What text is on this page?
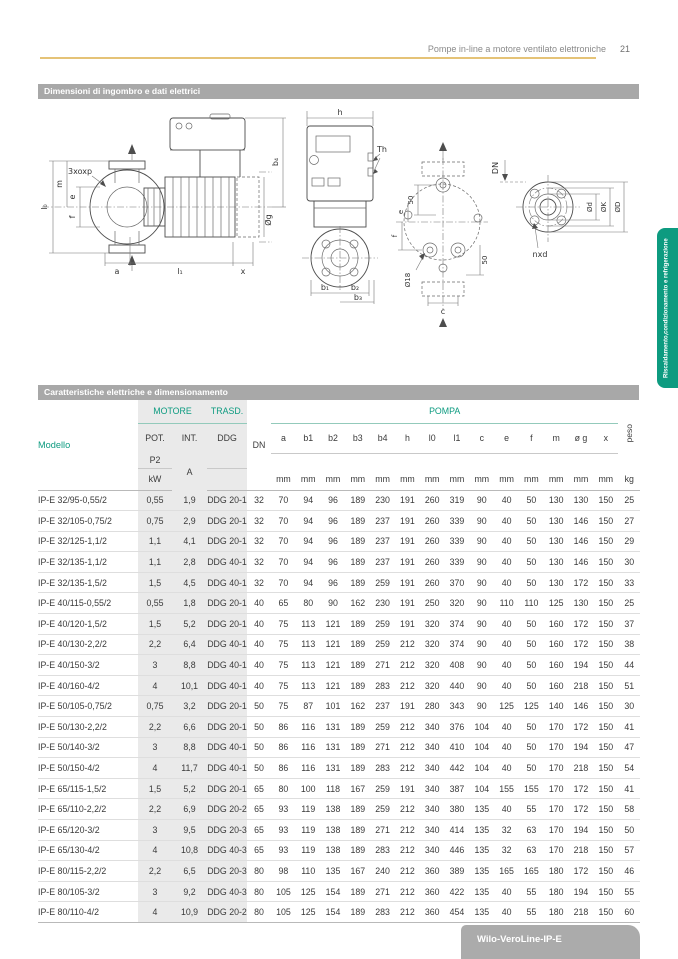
Pompe in-line a motore ventilato elettroniche	21
Dimensioni di ingombro e dati elettrici
l₀
m
e
f
3xoxp
a	l₁	x
b₄
Øg
h
Th
b₁	b₂
b₃
50
e
f
Ø18
50
c
DN
Ød ØK ØD
nxd
Caratteristiche elettriche e dimensionamento
Modello	MOTORE		TRASD.	DN	POMPA														peso
	POT.	INT.	DDG		a	b1	b2	b3	b4	h	l0	l1	c	e	f	m	ø g	x	
	P2	A																	
	kW				mm	mm	mm	mm	mm	mm	mm	mm	mm	mm	mm	mm	mm	mm	kg
IP-E 32/95-0,55/2	0,55	1,9	DDG 20-1	32	70	94	96	189	230	191	260	319	90	40	50	130	130	150	25
IP-E 32/105-0,75/2	0,75	2,9	DDG 20-1	32	70	94	96	189	237	191	260	339	90	40	50	130	146	150	27
IP-E 32/125-1,1/2	1,1	4,1	DDG 20-1	32	70	94	96	189	237	191	260	339	90	40	50	130	146	150	29
IP-E 32/135-1,1/2	1,1	2,8	DDG 40-1	32	70	94	96	189	237	191	260	339	90	40	50	130	146	150	30
IP-E 32/135-1,5/2	1,5	4,5	DDG 40-1	32	70	94	96	189	259	191	260	370	90	40	50	130	172	150	33
IP-E 40/115-0,55/2	0,55	1,8	DDG 20-1	40	65	80	90	162	230	191	250	320	90	110	110	125	130	150	25
IP-E 40/120-1,5/2	1,5	5,2	DDG 20-1	40	75	113	121	189	259	191	320	374	90	40	50	160	172	150	37
IP-E 40/130-2,2/2	2,2	6,4	DDG 40-1	40	75	113	121	189	259	212	320	374	90	40	50	160	172	150	38
IP-E 40/150-3/2	3	8,8	DDG 40-1	40	75	113	121	189	271	212	320	408	90	40	50	160	194	150	44
IP-E 40/160-4/2	4	10,1	DDG 40-1	40	75	113	121	189	283	212	320	440	90	40	50	160	218	150	51
IP-E 50/105-0,75/2	0,75	3,2	DDG 20-1	50	75	87	101	162	237	191	280	343	90	125	125	140	146	150	30
IP-E 50/130-2,2/2	2,2	6,6	DDG 20-1	50	86	116	131	189	259	212	340	376	104	40	50	170	172	150	41
IP-E 50/140-3/2	3	8,8	DDG 40-1	50	86	116	131	189	271	212	340	410	104	40	50	170	194	150	47
IP-E 50/150-4/2	4	11,7	DDG 40-1	50	86	116	131	189	283	212	340	442	104	40	50	170	218	150	54
IP-E 65/115-1,5/2	1,5	5,2	DDG 20-1	65	80	100	118	167	259	191	340	387	104	155	155	170	172	150	41
IP-E 65/110-2,2/2	2,2	6,9	DDG 20-2	65	93	119	138	189	259	212	340	380	135	40	55	170	172	150	58
IP-E 65/120-3/2	3	9,5	DDG 20-3	65	93	119	138	189	271	212	340	414	135	32	63	170	194	150	50
IP-E 65/130-4/2	4	10,8	DDG 40-3	65	93	119	138	189	283	212	340	446	135	32	63	170	218	150	57
IP-E 80/115-2,2/2	2,2	6,5	DDG 20-3	80	98	110	135	167	240	212	360	389	135	165	165	180	172	150	46
IP-E 80/105-3/2	3	9,2	DDG 40-3	80	105	125	154	189	271	212	360	422	135	40	55	180	194	150	55
IP-E 80/110-4/2	4	10,9	DDG 20-2	80	105	125	154	189	283	212	360	454	135	40	55	180	218	150	60
Wilo-VeroLine-IP-E
Riscaldamento,
condizionamento e refrigerazione
